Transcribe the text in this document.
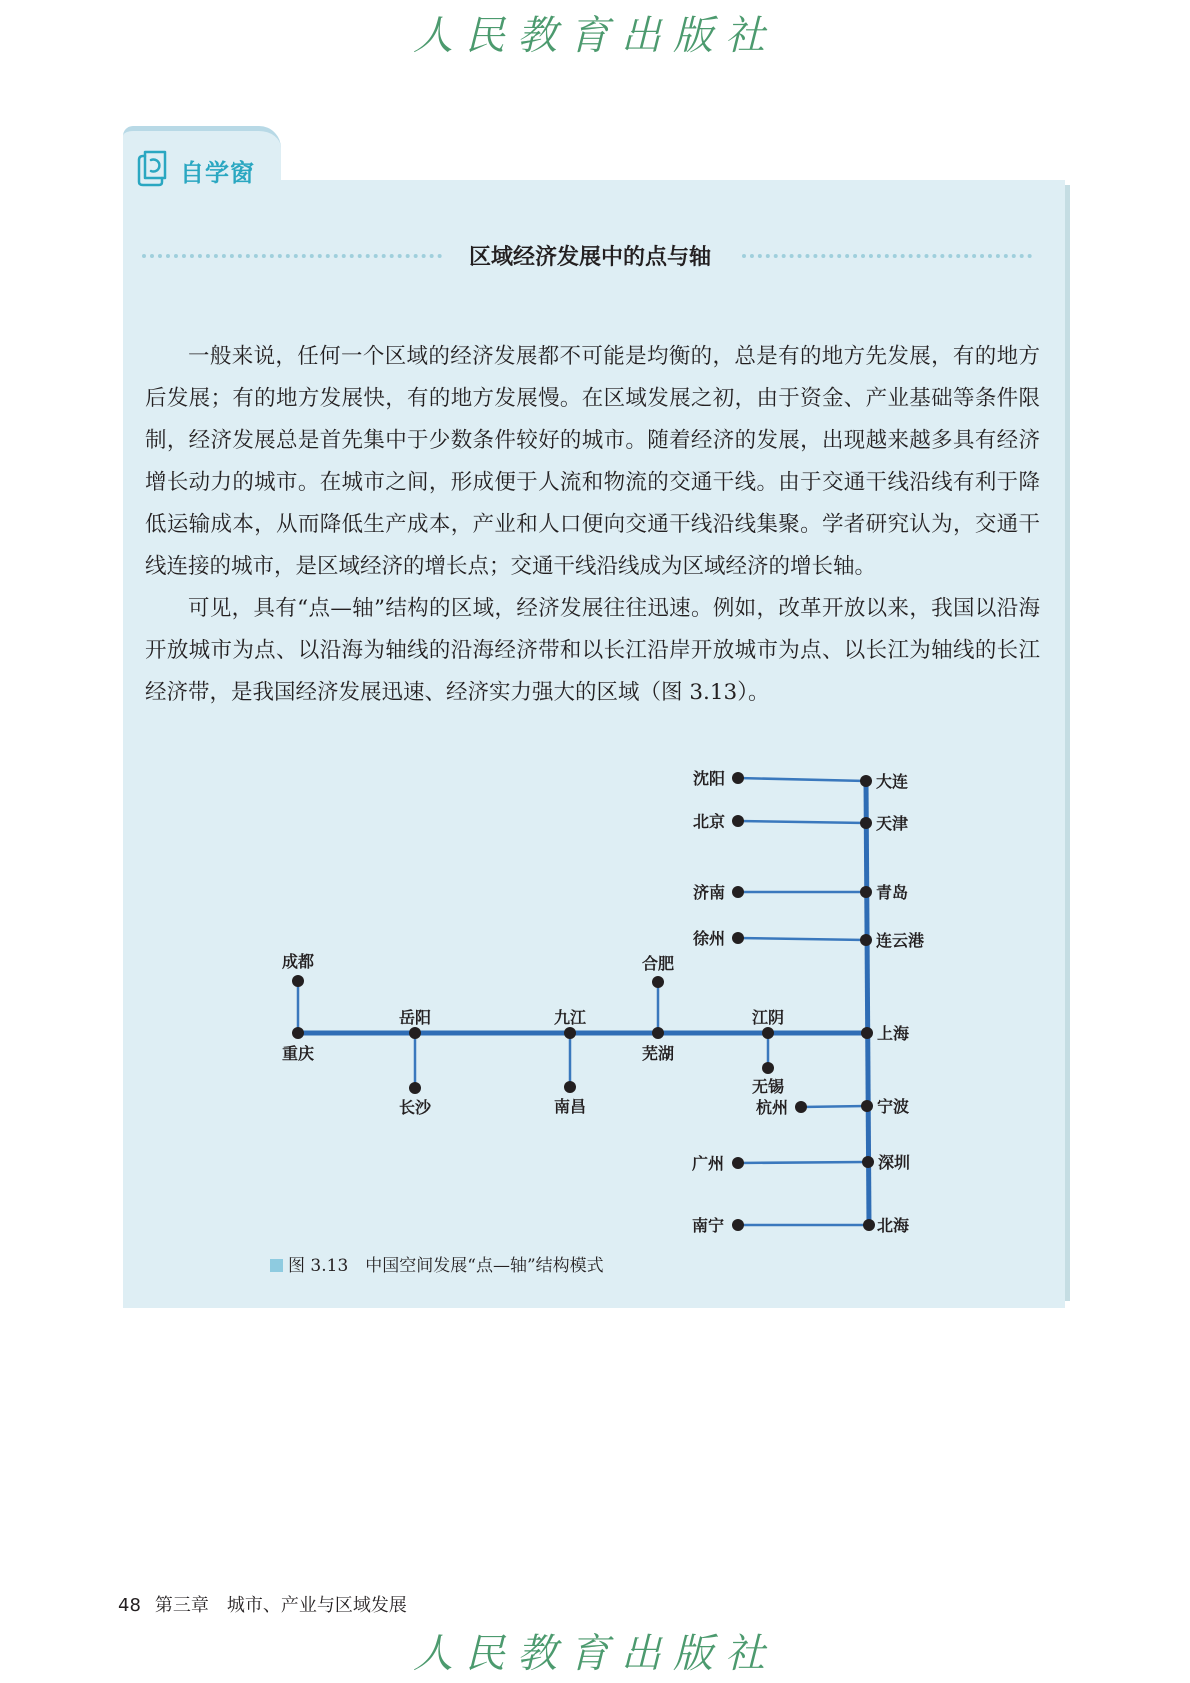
人民教育出版社
自学窗
区域经济发展中的点与轴

一般来说，任何一个区域的经济发展都不可能是均衡的，总是有的地方先发展，有的地方后发展；有的地方发展快，有的地方发展慢。在区域发展之初，由于资金、产业基础等条件限制，经济发展总是首先集中于少数条件较好的城市。随着经济的发展，出现越来越多具有经济增长动力的城市。在城市之间，形成便于人流和物流的交通干线。由于交通干线沿线有利于降低运输成本，从而降低生产成本，产业和人口便向交通干线沿线集聚。学者研究认为，交通干线连接的城市，是区域经济的增长点；交通干线沿线成为区域经济的增长轴。

可见，具有“点—轴”结构的区域，经济发展往往迅速。例如，改革开放以来，我国以沿海开放城市为点、以沿海为轴线的沿海经济带和以长江沿岸开放城市为点、以长江为轴线的长江经济带，是我国经济发展迅速、经济实力强大的区域（图 3.13）。

大连
天津
青岛
连云港
上海
宁波
深圳
北海
重庆
岳阳	九江
芜湖
江阴
沈阳
北京
济南
徐州
杭州
广州
南宁
成都
长沙	南昌
合肥
无锡
图 3.13　 中国空间发展“点—轴”结构模式
48 第三章　城市、产业与区域发展
人民教育出版社
